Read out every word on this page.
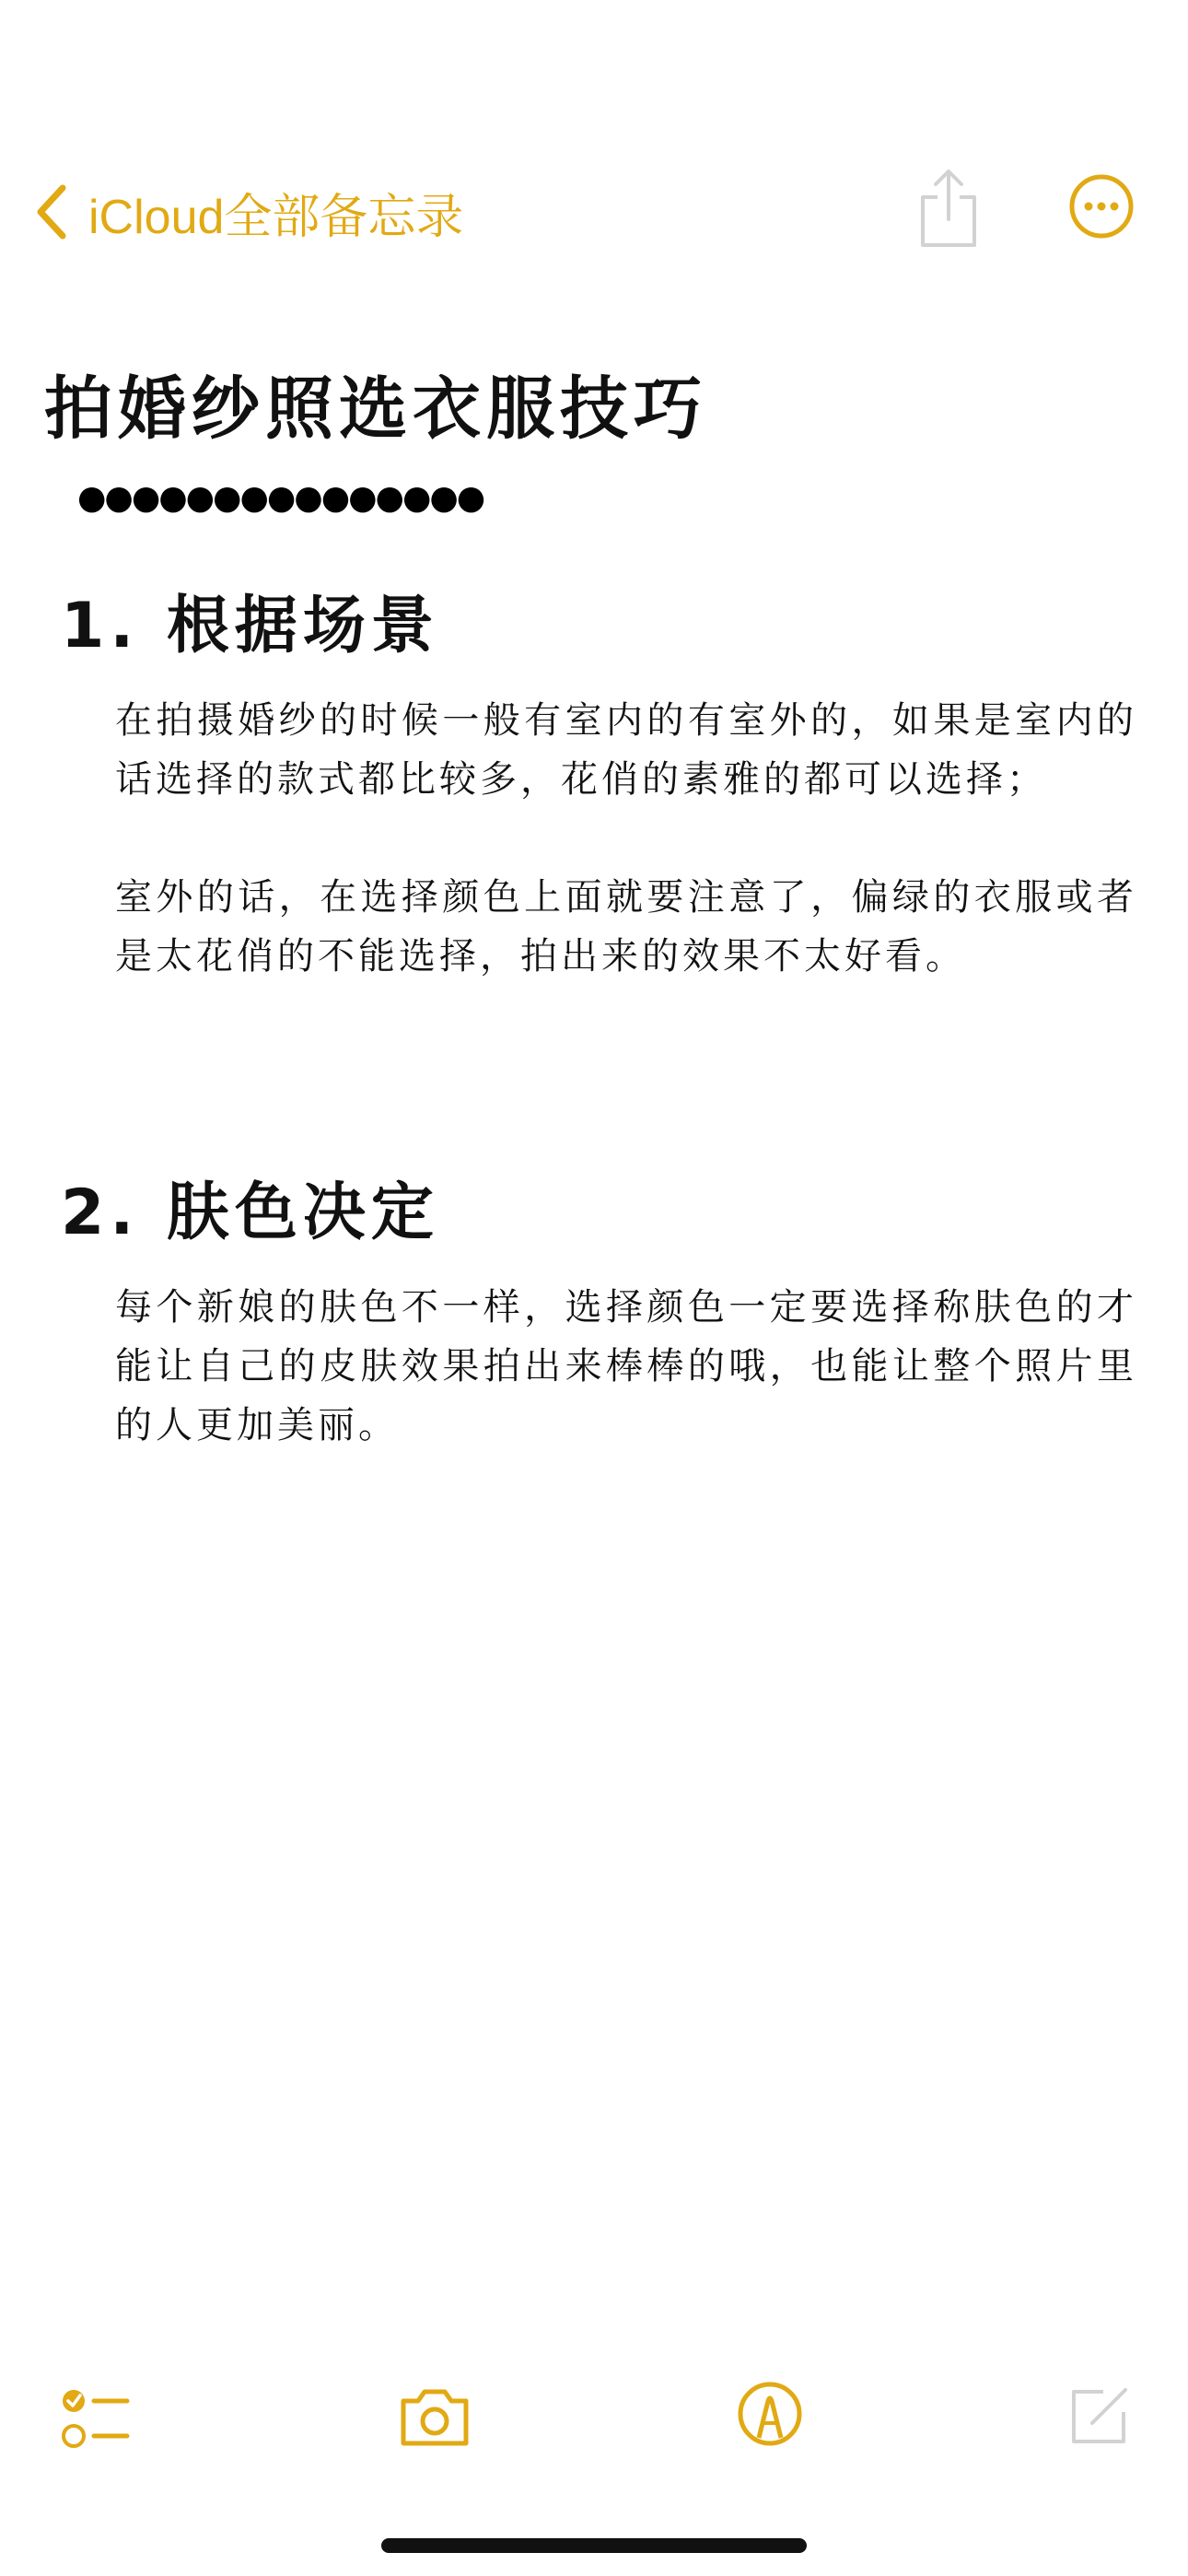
iCloud全部备忘录
拍婚纱照选衣服技巧
●●●●●●●●●●●●●●●
1. 根据场景

在拍摄婚纱的时候一般有室内的有室外的，如果是室内的话选择的款式都比较多，花俏的素雅的都可以选择；

室外的话，在选择颜色上面就要注意了，偏绿的衣服或者是太花俏的不能选择，拍出来的效果不太好看。

2. 肤色决定

每个新娘的肤色不一样，选择颜色一定要选择称肤色的才能让自己的皮肤效果拍出来棒棒的哦，也能让整个照片里的人更加美丽。
